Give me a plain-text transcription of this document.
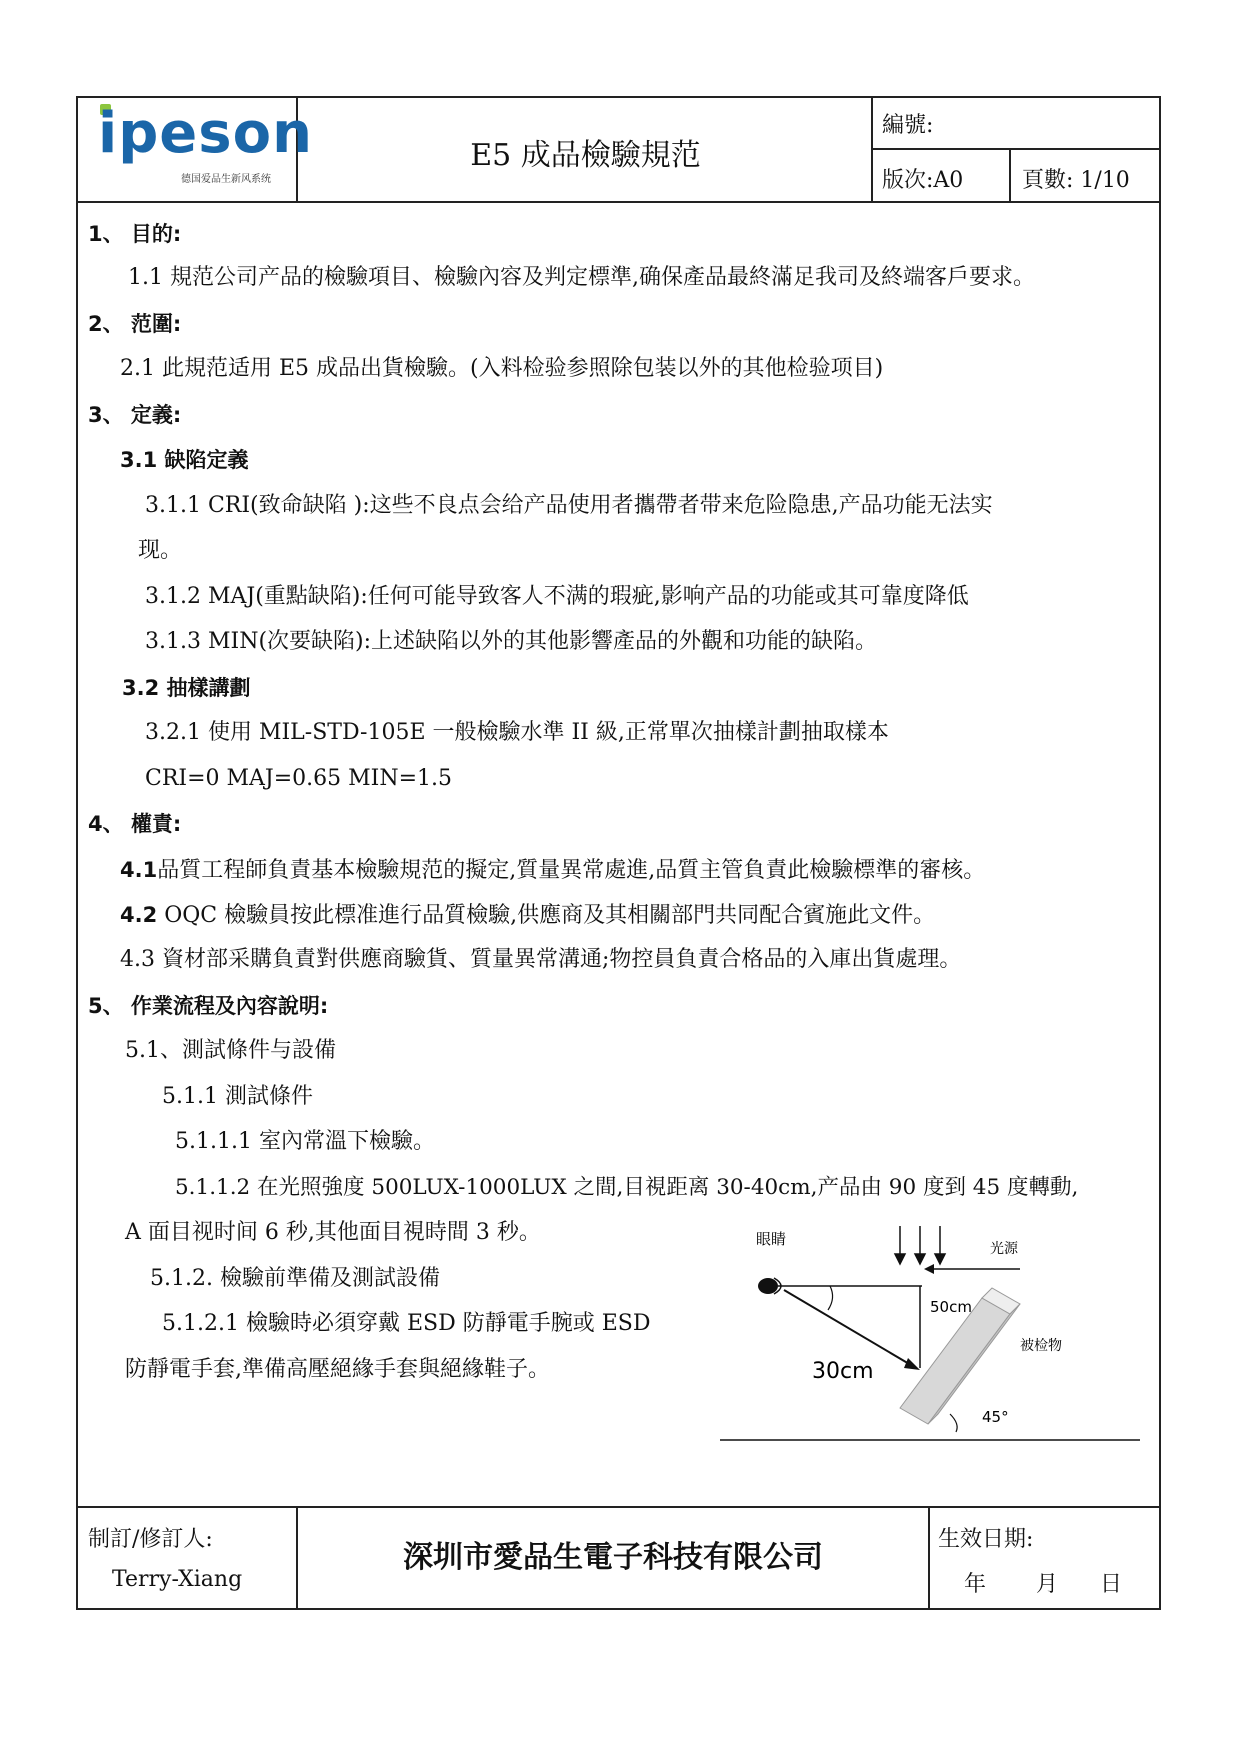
ipeson
德国爱品生新风系统
E5 成品檢驗規范
編號:
版次:A0	頁數: 1/10
1、 目的:
1.1 規范公司产品的檢驗項目、檢驗內容及判定標準,确保產品最終滿足我司及終端客戶要求。
2、 范圍:
2.1 此規范适用 E5 成品出貨檢驗。(入料检验参照除包装以外的其他检验项目)
3、 定義:
3.1 缺陷定義
3.1.1 CRI(致命缺陷 ):这些不良点会给产品使用者攜帶者带来危险隐患,产品功能无法实
现。
3.1.2 MAJ(重點缺陷):任何可能导致客人不满的瑕疵,影响产品的功能或其可靠度降低
3.1.3 MIN(次要缺陷):上述缺陷以外的其他影響產品的外觀和功能的缺陷。
3.2 抽樣講劃
3.2.1 使用 MIL-STD-105E 一般檢驗水準 II 級,正常單次抽樣計劃抽取樣本
CRI=0 MAJ=0.65 MIN=1.5
4、 權責:
4.1品質工程師負責基本檢驗規范的擬定,質量異常處進,品質主管負責此檢驗標準的審核。
4.2 OQC 檢驗員按此標准進行品質檢驗,供應商及其相關部門共同配合賓施此文件。
4.3 資材部采購負責對供應商驗貨、質量異常溝通;物控員負責合格品的入庫出貨處理。
5、 作業流程及內容說明:
5.1、測試條件与設備
5.1.1 測試條件
5.1.1.1 室內常溫下檢驗。
5.1.1.2 在光照強度 500LUX-1000LUX 之間,目視距离 30-40cm,产品由 90 度到 45 度轉動,
A 面目视时间 6 秒,其他面目視時間 3 秒。
5.1.2. 檢驗前準備及測試設備
5.1.2.1 檢驗時必須穿戴 ESD 防靜電手腕或 ESD
防靜電手套,準備高壓絕緣手套與絕緣鞋子。
眼睛
光源
50cm
30cm
被检物
45°
制訂/修訂人:
Terry-Xiang
深圳市愛品生電子科技有限公司
生效日期:
年 月 日
